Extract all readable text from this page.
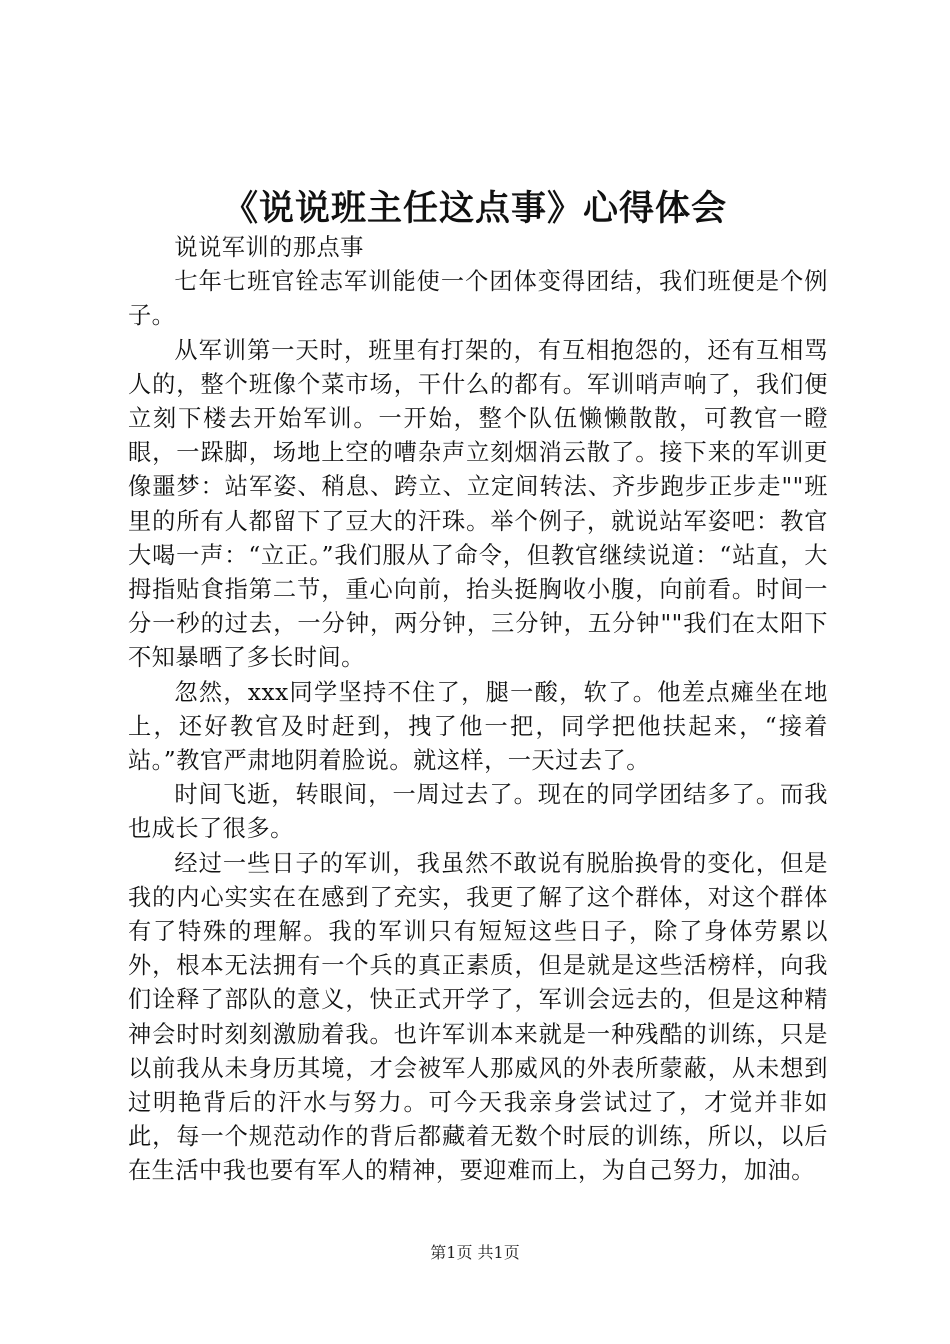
《说说班主任这点事》心得体会

说说军训的那点事

七年七班官铨志军训能使一个团体变得团结，我们班便是个例子。

从军训第一天时，班里有打架的，有互相抱怨的，还有互相骂人的，整个班像个菜市场，干什么的都有。军训哨声响了，我们便立刻下楼去开始军训。一开始，整个队伍懒懒散散，可教官一瞪眼，一跺脚，场地上空的嘈杂声立刻烟消云散了。接下来的军训更像噩梦：站军姿、稍息、跨立、立定间转法、齐步跑步正步走""班里的所有人都留下了豆大的汗珠。举个例子，就说站军姿吧：教官大喝一声：“立正。”我们服从了命令，但教官继续说道：“站直，大拇指贴食指第二节，重心向前，抬头挺胸收小腹，向前看。时间一分一秒的过去，一分钟，两分钟，三分钟，五分钟""我们在太阳下不知暴晒了多长时间。

忽然，xxx同学坚持不住了，腿一酸，软了。他差点瘫坐在地上，还好教官及时赶到，拽了他一把，同学把他扶起来，“接着站。”教官严肃地阴着脸说。就这样，一天过去了。

时间飞逝，转眼间，一周过去了。现在的同学团结多了。而我也成长了很多。

经过一些日子的军训，我虽然不敢说有脱胎换骨的变化，但是我的内心实实在在感到了充实，我更了解了这个群体，对这个群体有了特殊的理解。我的军训只有短短这些日子，除了身体劳累以外，根本无法拥有一个兵的真正素质，但是就是这些活榜样，向我们诠释了部队的意义，快正式开学了，军训会远去的，但是这种精神会时时刻刻激励着我。也许军训本来就是一种残酷的训练，只是以前我从未身历其境，才会被军人那威风的外表所蒙蔽，从未想到过明艳背后的汗水与努力。可今天我亲身尝试过了，才觉并非如此，每一个规范动作的背后都藏着无数个时辰的训练，所以，以后在生活中我也要有军人的精神，要迎难而上，为自己努力，加油。

第1页 共1页
